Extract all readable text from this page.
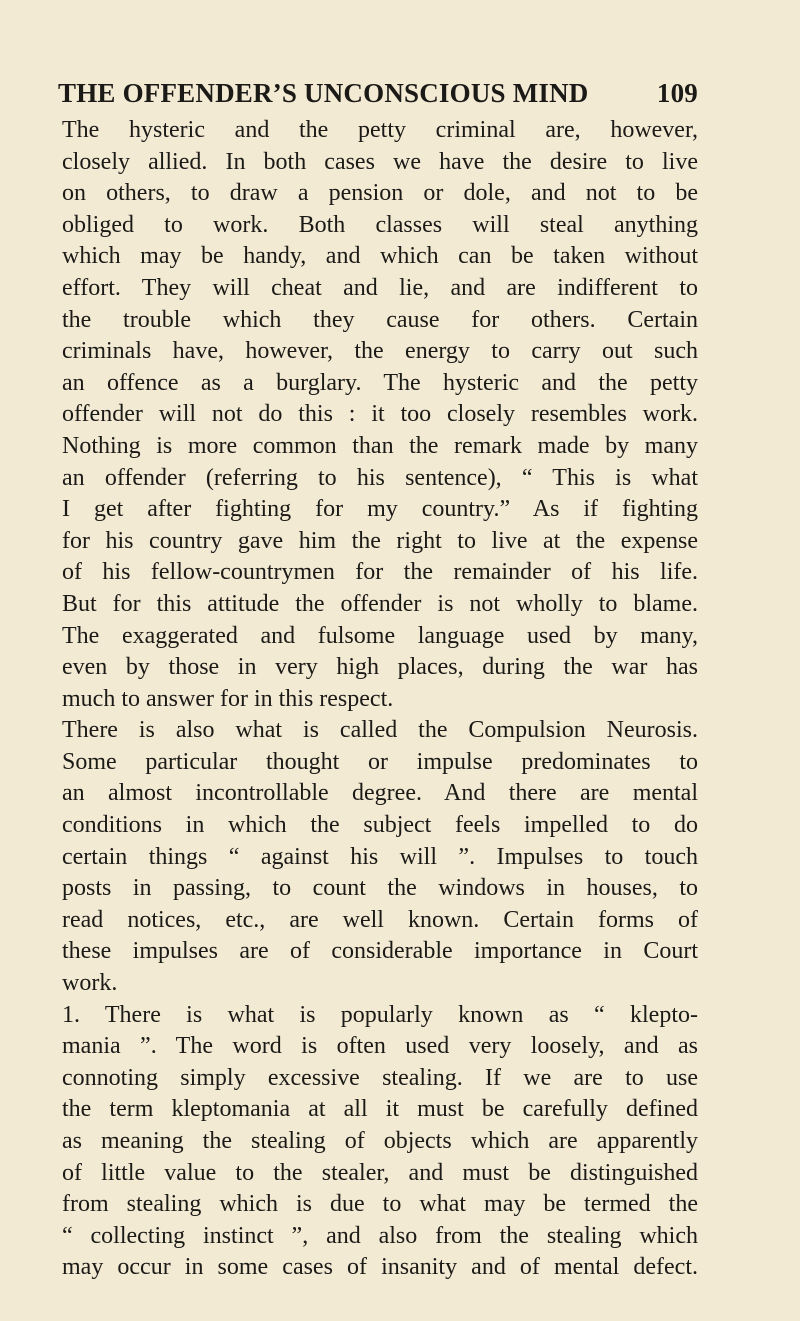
THE OFFENDER’S UNCONSCIOUS MIND	109
The hysteric and the petty criminal are, however,
closely allied. In both cases we have the desire to live
on others, to draw a pension or dole, and not to be
obliged to work. Both classes will steal anything
which may be handy, and which can be taken without
effort. They will cheat and lie, and are indifferent to
the trouble which they cause for others. Certain
criminals have, however, the energy to carry out such
an offence as a burglary. The hysteric and the petty
offender will not do this : it too closely resembles work.
Nothing is more common than the remark made by many
an offender (referring to his sentence), “ This is what
I get after fighting for my country.” As if fighting
for his country gave him the right to live at the expense
of his fellow-countrymen for the remainder of his life.
But for this attitude the offender is not wholly to blame.
The exaggerated and fulsome language used by many,
even by those in very high places, during the war has
much to answer for in this respect.
There is also what is called the Compulsion Neurosis.
Some particular thought or impulse predominates to
an almost incontrollable degree. And there are mental
conditions in which the subject feels impelled to do
certain things “ against his will ”. Impulses to touch
posts in passing, to count the windows in houses, to
read notices, etc., are well known. Certain forms of
these impulses are of considerable importance in Court
work.
1. There is what is popularly known as “ klepto-
mania ”. The word is often used very loosely, and as
connoting simply excessive stealing. If we are to use
the term kleptomania at all it must be carefully defined
as meaning the stealing of objects which are apparently
of little value to the stealer, and must be distinguished
from stealing which is due to what may be termed the
“ collecting instinct ”, and also from the stealing which
may occur in some cases of insanity and of mental defect.
